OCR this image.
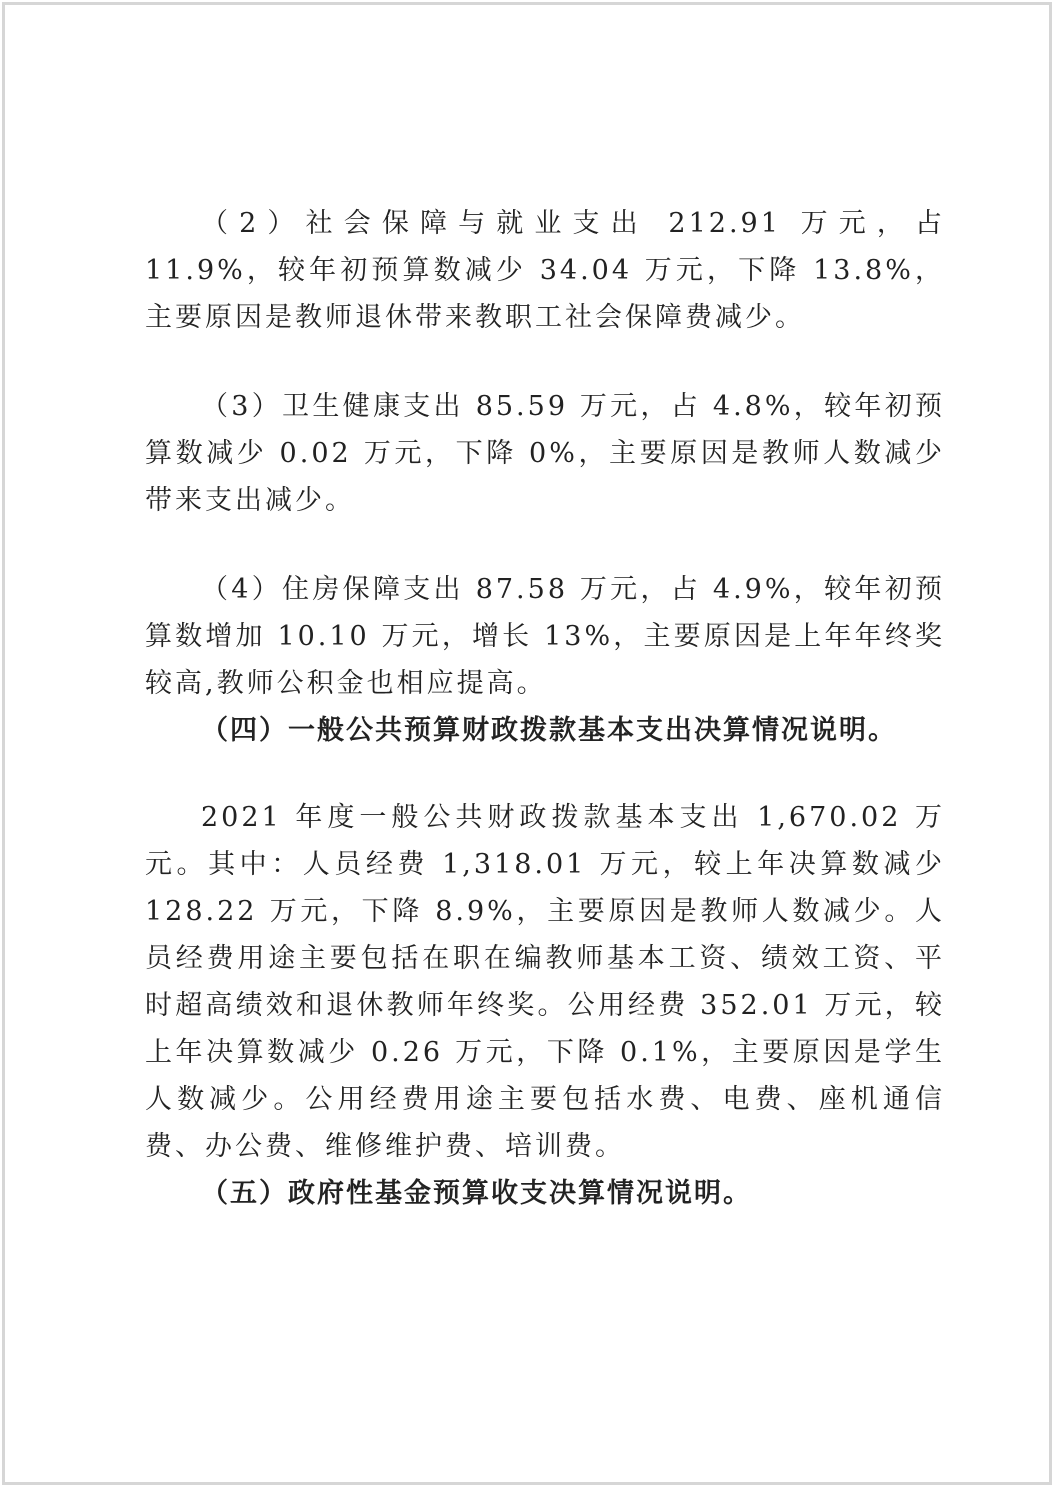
（2）社会保障与就业支出 212.91 万元，占 11.9%，较年初预算数减少 34.04 万元，下降 13.8%，主要原因是教师退休带来教职工社会保障费减少。

（3）卫生健康支出 85.59 万元，占 4.8%，较年初预算数减少 0.02 万元，下降 0%，主要原因是教师人数减少带来支出减少。

（4）住房保障支出 87.58 万元，占 4.9%，较年初预算数增加 10.10 万元，增长 13%，主要原因是上年年终奖较高,教师公积金也相应提高。

（四）一般公共预算财政拨款基本支出决算情况说明。

2021 年度一般公共财政拨款基本支出 1,670.02 万元。其中：人员经费 1,318.01 万元，较上年决算数减少 128.22 万元，下降 8.9%，主要原因是教师人数减少。人员经费用途主要包括在职在编教师基本工资、绩效工资、平时超高绩效和退休教师年终奖。公用经费 352.01 万元，较上年决算数减少 0.26 万元，下降 0.1%，主要原因是学生人数减少。公用经费用途主要包括水费、电费、座机通信费、办公费、维修维护费、培训费。

（五）政府性基金预算收支决算情况说明。
